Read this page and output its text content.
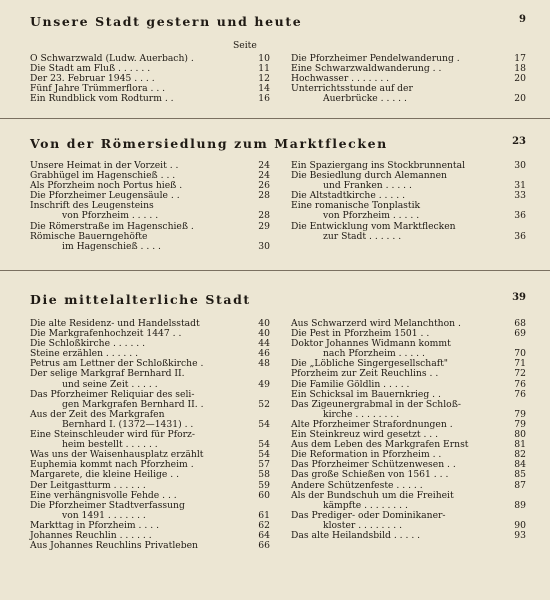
Unsere Stadt gestern und heute	9
Seite
O Schwarzwald (Ludw. Auerbach) .	10
Die Stadt am Fluß . . . . . .	11
Der 23. Februar 1945 . . . .	12
Fünf Jahre Trümmerflora . . .	14
Ein Rundblick vom Rodturm . .	16
Die Pforzheimer Pendelwanderung .	17
Eine Schwarzwaldwanderung . .	18
Hochwasser . . . . . . .	20
Unterrichtsstunde auf der
Auerbrücke . . . . .	20
Von der Römersiedlung zum Marktflecken	23
Unsere Heimat in der Vorzeit . .	24
Grabhügel im Hagenschieß . . .	24
Als Pforzheim noch Portus hieß .	26
Die Pforzheimer Leugensäule . .	28
Inschrift des Leugensteins
von Pforzheim . . . . .	28
Die Römerstraße im Hagenschieß .	29
Römische Bauerngehöfte
im Hagenschieß . . . .	30
Ein Spaziergang ins Stockbrunnental	30
Die Besiedlung durch Alemannen
und Franken . . . . .	31
Die Altstadtkirche . . . . .	33
Eine romanische Tonplastik
von Pforzheim . . . . .	36
Die Entwicklung vom Marktflecken
zur Stadt . . . . . .	36
Die mittelalterliche Stadt	39
Die alte Residenz- und Handelsstadt	40
Die Markgrafenhochzeit 1447 . .	40
Die Schloßkirche . . . . . .	44
Steine erzählen . . . . . .	46
Petrus am Lettner der Schloßkirche .	48
Der selige Markgraf Bernhard II.
und seine Zeit . . . . .	49
Das Pforzheimer Reliquiar des seli-
gen Markgrafen Bernhard II. .	52
Aus der Zeit des Markgrafen
Bernhard I. (1372—1431) . .	54
Eine Steinschleuder wird für Pforz-
heim bestellt . . . . . .	54
Was uns der Waisenhausplatz erzählt	54
Euphemia kommt nach Pforzheim .	57
Margarete, die kleine Heilige . .	58
Der Leitgastturm . . . . . .	59
Eine verhängnisvolle Fehde . . .	60
Die Pforzheimer Stadtverfassung
von 1491 . . . . . . .	61
Markttag in Pforzheim . . . .	62
Johannes Reuchlin . . . . . .	64
Aus Johannes Reuchlins Privatleben	66
Aus Schwarzerd wird Melanchthon .	68
Die Pest in Pforzheim 1501 . .	69
Doktor Johannes Widmann kommt
nach Pforzheim . . . . .	70
Die „Löbliche Singergesellschaft"	71
Pforzheim zur Zeit Reuchlins . .	72
Die Familie Göldlin . . . . .	76
Ein Schicksal im Bauernkrieg . .	76
Das Zigeunergrabmal in der Schloß-
kirche . . . . . . . .	79
Alte Pforzheimer Strafordnungen .	79
Ein Steinkreuz wird gesetzt . . .	80
Aus dem Leben des Markgrafen Ernst	81
Die Reformation in Pforzheim . .	82
Das Pforzheimer Schützenwesen . .	84
Das große Schießen von 1561 . . .	85
Andere Schützenfeste . . . . .	87
Als der Bundschuh um die Freiheit
kämpfte . . . . . . . .	89
Das Prediger- oder Dominikaner-
kloster . . . . . . . .	90
Das alte Heilandsbild . . . . .	93
